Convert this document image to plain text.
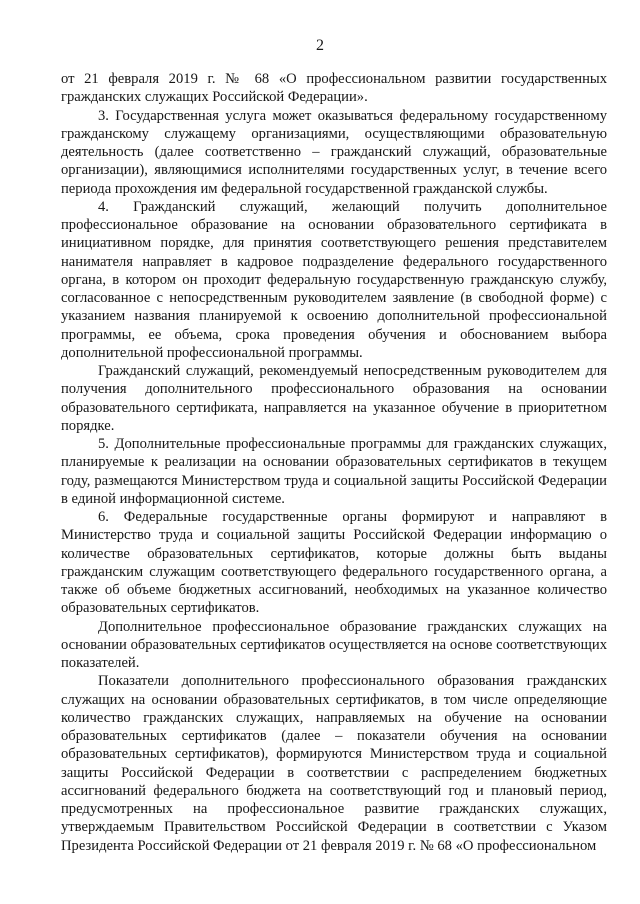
2

от 21 февраля 2019 г. № 68 «О профессиональном развитии государственных гражданских служащих Российской Федерации».

3. Государственная услуга может оказываться федеральному государственному гражданскому служащему организациями, осуществляющими образовательную деятельность (далее соответственно – гражданский служащий, образовательные организации), являющимися исполнителями государственных услуг, в течение всего периода прохождения им федеральной государственной гражданской службы.

4. Гражданский служащий, желающий получить дополнительное профессиональное образование на основании образовательного сертификата в инициативном порядке, для принятия соответствующего решения представителем нанимателя направляет в кадровое подразделение федерального государственного органа, в котором он проходит федеральную государственную гражданскую службу, согласованное с непосредственным руководителем заявление (в свободной форме) с указанием названия планируемой к освоению дополнительной профессиональной программы, ее объема, срока проведения обучения и обоснованием выбора дополнительной профессиональной программы.

Гражданский служащий, рекомендуемый непосредственным руководителем для получения дополнительного профессионального образования на основании образовательного сертификата, направляется на указанное обучение в приоритетном порядке.

5. Дополнительные профессиональные программы для гражданских служащих, планируемые к реализации на основании образовательных сертификатов в текущем году, размещаются Министерством труда и социальной защиты Российской Федерации в единой информационной системе.

6. Федеральные государственные органы формируют и направляют в Министерство труда и социальной защиты Российской Федерации информацию о количестве образовательных сертификатов, которые должны быть выданы гражданским служащим соответствующего федерального государственного органа, а также об объеме бюджетных ассигнований, необходимых на указанное количество образовательных сертификатов.

Дополнительное профессиональное образование гражданских служащих на основании образовательных сертификатов осуществляется на основе соответствующих показателей.

Показатели дополнительного профессионального образования гражданских служащих на основании образовательных сертификатов, в том числе определяющие количество гражданских служащих, направляемых на обучение на основании образовательных сертификатов (далее – показатели обучения на основании образовательных сертификатов), формируются Министерством труда и социальной защиты Российской Федерации в соответствии с распределением бюджетных ассигнований федерального бюджета на соответствующий год и плановый период, предусмотренных на профессиональное развитие гражданских служащих, утверждаемым Правительством Российской Федерации в соответствии с Указом Президента Российской Федерации от 21 февраля 2019 г. № 68 «О профессиональном
